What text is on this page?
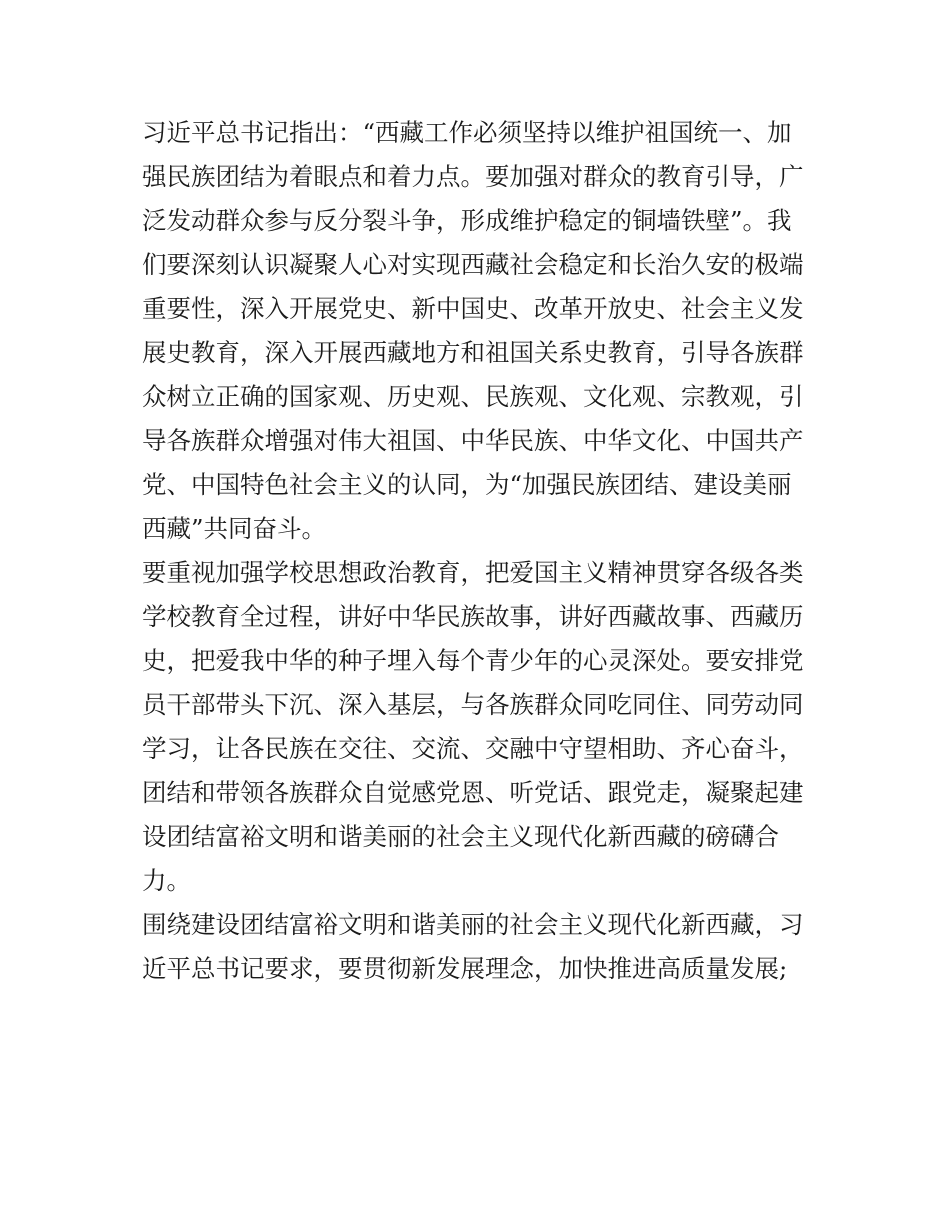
习近平总书记指出：“西藏工作必须坚持以维护祖国统一、加
强民族团结为着眼点和着力点。要加强对群众的教育引导，广
泛发动群众参与反分裂斗争，形成维护稳定的铜墙铁壁”。我
们要深刻认识凝聚人心对实现西藏社会稳定和长治久安的极端
重要性，深入开展党史、新中国史、改革开放史、社会主义发
展史教育，深入开展西藏地方和祖国关系史教育，引导各族群
众树立正确的国家观、历史观、民族观、文化观、宗教观，引
导各族群众增强对伟大祖国、中华民族、中华文化、中国共产
党、中国特色社会主义的认同，为“加强民族团结、建设美丽
西藏”共同奋斗。
要重视加强学校思想政治教育，把爱国主义精神贯穿各级各类
学校教育全过程，讲好中华民族故事，讲好西藏故事、西藏历
史，把爱我中华的种子埋入每个青少年的心灵深处。要安排党
员干部带头下沉、深入基层，与各族群众同吃同住、同劳动同
学习，让各民族在交往、交流、交融中守望相助、齐心奋斗，
团结和带领各族群众自觉感党恩、听党话、跟党走，凝聚起建
设团结富裕文明和谐美丽的社会主义现代化新西藏的磅礴合
力。
围绕建设团结富裕文明和谐美丽的社会主义现代化新西藏，习
近平总书记要求，要贯彻新发展理念，加快推进高质量发展;
